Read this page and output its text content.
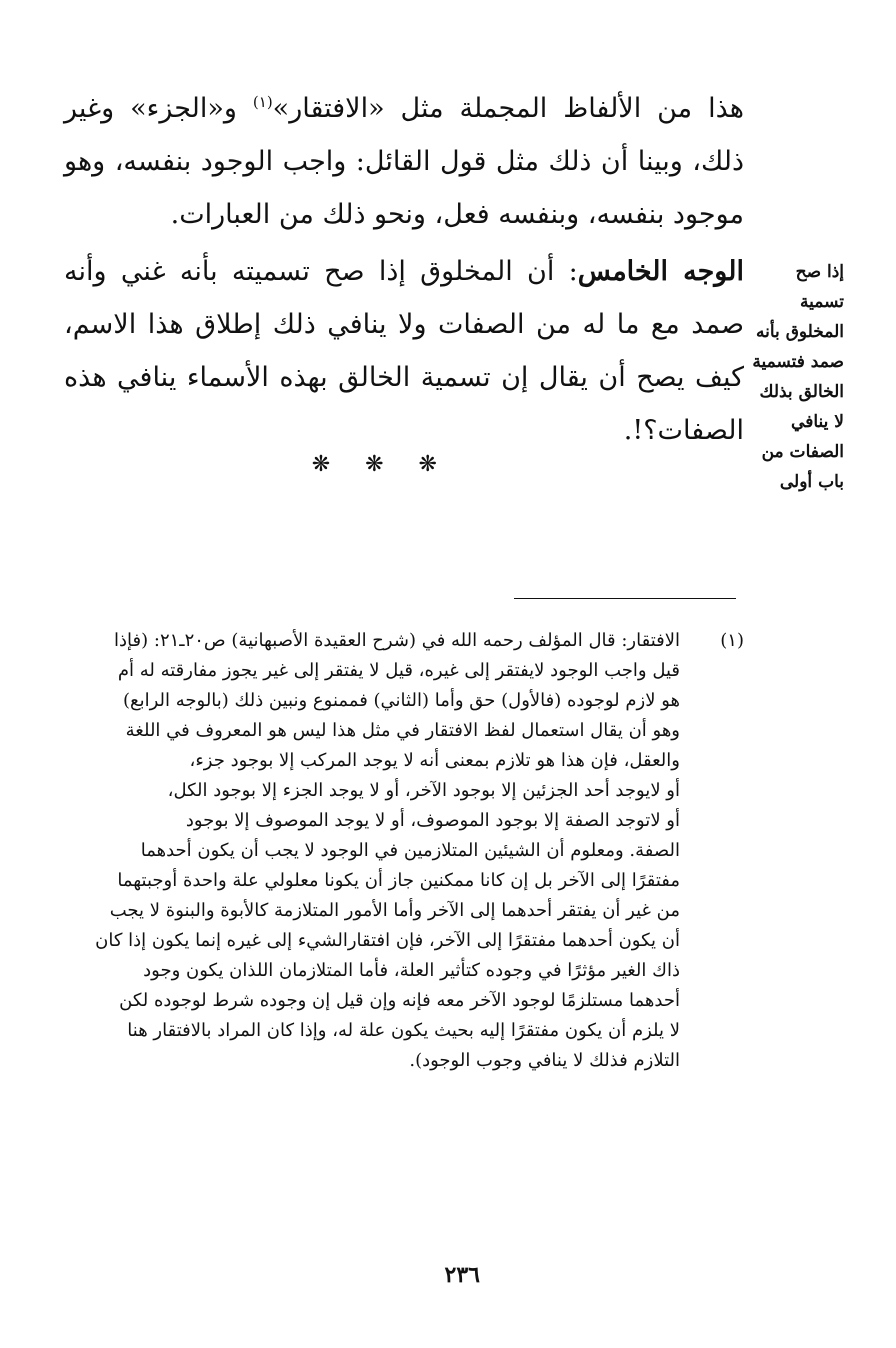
هذا من الألفاظ المجملة مثل «الافتقار»$^{(١)}$ و«الجزء» وغير ذلك، وبينا أن ذلك مثل قول القائل: واجب الوجود بنفسه، وهو موجود بنفسه، وبنفسه فعل، ونحو ذلك من العبارات.

الوجه الخامس: أن المخلوق إذا صح تسميته بأنه غني وأنه صمد مع ما له من الصفات ولا ينافي ذلك إطلاق هذا الاسم، كيف يصح أن يقال إن تسمية الخالق بهذه الأسماء ينافي هذه الصفات؟!.

❋ ❋ ❋
إذا صح
تسمية
المخلوق بأنه
صمد فتسمية
الخالق بذلك
لا ينافي
الصفات من
باب أولى
(١)
الافتقار: قال المؤلف رحمه الله في (شرح العقيدة الأصبهانية) ص٢٠ـ٢١: (فإذا
قيل واجب الوجود لايفتقر إلى غيره، قيل لا يفتقر إلى غير يجوز مفارقته له أم
هو لازم لوجوده (فالأول) حق وأما (الثاني) فممنوع ونبين ذلك (بالوجه الرابع)
وهو أن يقال استعمال لفظ الافتقار في مثل هذا ليس هو المعروف في اللغة
والعقل، فإن هذا هو تلازم بمعنى أنه لا يوجد المركب إلا بوجود جزء،
أو لايوجد أحد الجزئين إلا بوجود الآخر، أو لا يوجد الجزء إلا بوجود الكل،
أو لاتوجد الصفة إلا بوجود الموصوف، أو لا يوجد الموصوف إلا بوجود
الصفة. ومعلوم أن الشيئين المتلازمين في الوجود لا يجب أن يكون أحدهما
مفتقرًا إلى الآخر بل إن كانا ممكنين جاز أن يكونا معلولي علة واحدة أوجبتهما
من غير أن يفتقر أحدهما إلى الآخر وأما الأمور المتلازمة كالأبوة والبنوة لا يجب
أن يكون أحدهما مفتقرًا إلى الآخر، فإن افتقارالشيء إلى غيره إنما يكون إذا كان
ذاك الغير مؤثرًا في وجوده كتأثير العلة، فأما المتلازمان اللذان يكون وجود
أحدهما مستلزمًا لوجود الآخر معه فإنه وإن قيل إن وجوده شرط لوجوده لكن
لا يلزم أن يكون مفتقرًا إليه بحيث يكون علة له، وإذا كان المراد بالافتقار هنا
التلازم فذلك لا ينافي وجوب الوجود).
٢٣٦
